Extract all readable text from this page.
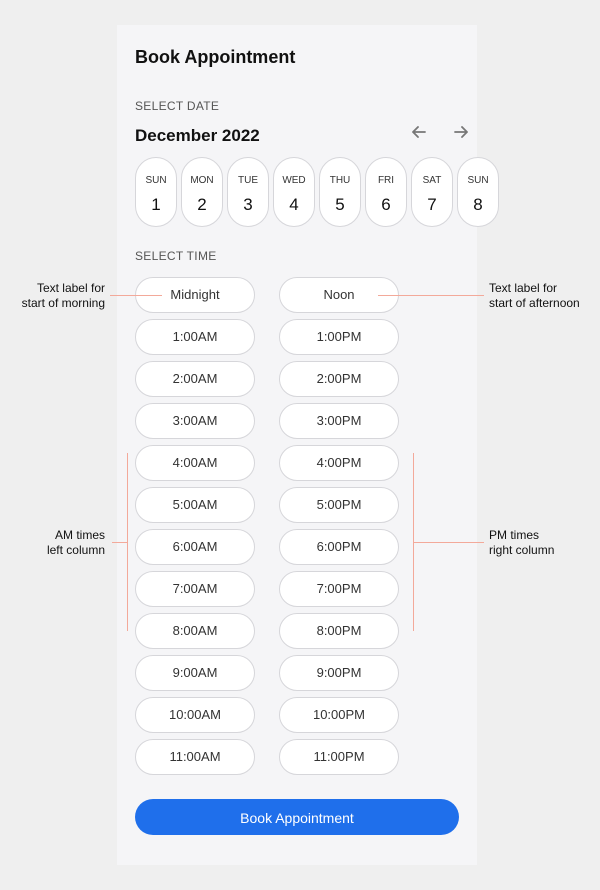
Book Appointment
SELECT DATE
December 2022
SUN
1
MON
2
TUE
3
WED
4
THU
5
FRI
6
SAT
7
SUN
8
SELECT TIME
Midnight
1:00AM
2:00AM
3:00AM
4:00AM
5:00AM
6:00AM
7:00AM
8:00AM
9:00AM
10:00AM
11:00AM
Noon
1:00PM
2:00PM
3:00PM
4:00PM
5:00PM
6:00PM
7:00PM
8:00PM
9:00PM
10:00PM
11:00PM
Book Appointment
Text label for
start of morning
Text label for
start of afternoon
AM times
left column
PM times
right column
